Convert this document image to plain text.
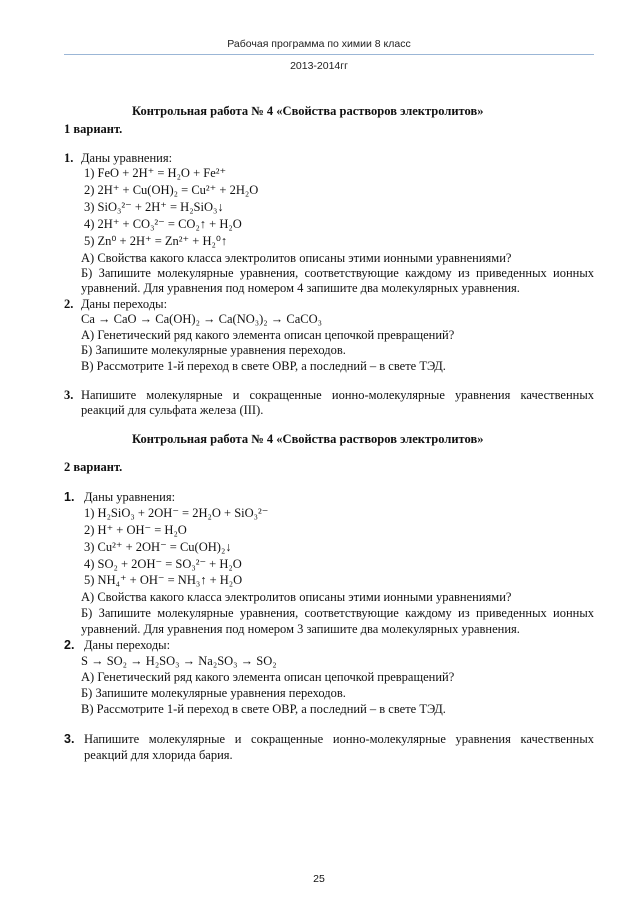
Рабочая программа по химии 8 класс
2013-2014гг
Контрольная работа № 4 «Свойства растворов электролитов»
1 вариант.
1. Даны уравнения:
1) FeO + 2H⁺ = H₂O + Fe²⁺
2) 2H⁺ + Cu(OH)₂ = Cu²⁺ + 2H₂O
3) SiO₃²⁻ + 2H⁺ = H₂SiO₃↓
4) 2H⁺ + CO₃²⁻ = CO₂↑ + H₂O
5) Zn⁰ + 2H⁺ = Zn²⁺ + H₂⁰↑
А) Свойства какого класса электролитов описаны этими ионными уравнениями?
Б) Запишите молекулярные уравнения, соответствующие каждому из приведенных ионных
уравнений. Для уравнения под номером 4 запишите два молекулярных уравнения.
2. Даны переходы:
Ca → CaO → Ca(OH)₂ → Ca(NO₃)₂ → CaCO₃
А) Генетический ряд какого элемента описан цепочкой превращений?
Б) Запишите молекулярные уравнения переходов.
В) Рассмотрите 1-й переход в свете ОВР, а последний – в свете ТЭД.
3. Напишите молекулярные и сокращенные ионно-молекулярные уравнения качественных
реакций для сульфата железа (III).
Контрольная работа № 4 «Свойства растворов электролитов»
2 вариант.
1. Даны уравнения:
1) H₂SiO₃ + 2OH⁻ = 2H₂O + SiO₃²⁻
2) H⁺ + OH⁻ = H₂O
3) Cu²⁺ + 2OH⁻ = Cu(OH)₂↓
4) SO₂ + 2OH⁻ = SO₃²⁻ + H₂O
5) NH₄⁺ + OH⁻ = NH₃↑ + H₂O
А) Свойства какого класса электролитов описаны этими ионными уравнениями?
Б) Запишите молекулярные уравнения, соответствующие каждому из приведенных ионных
уравнений. Для уравнения под номером 3 запишите два молекулярных уравнения.
2. Даны переходы:
S → SO₂ → H₂SO₃ → Na₂SO₃ → SO₂
А) Генетический ряд какого элемента описан цепочкой превращений?
Б) Запишите молекулярные уравнения переходов.
В) Рассмотрите 1-й переход в свете ОВР, а последний – в свете ТЭД.
3. Напишите молекулярные и сокращенные ионно-молекулярные уравнения качественных
реакций для хлорида бария.
25
